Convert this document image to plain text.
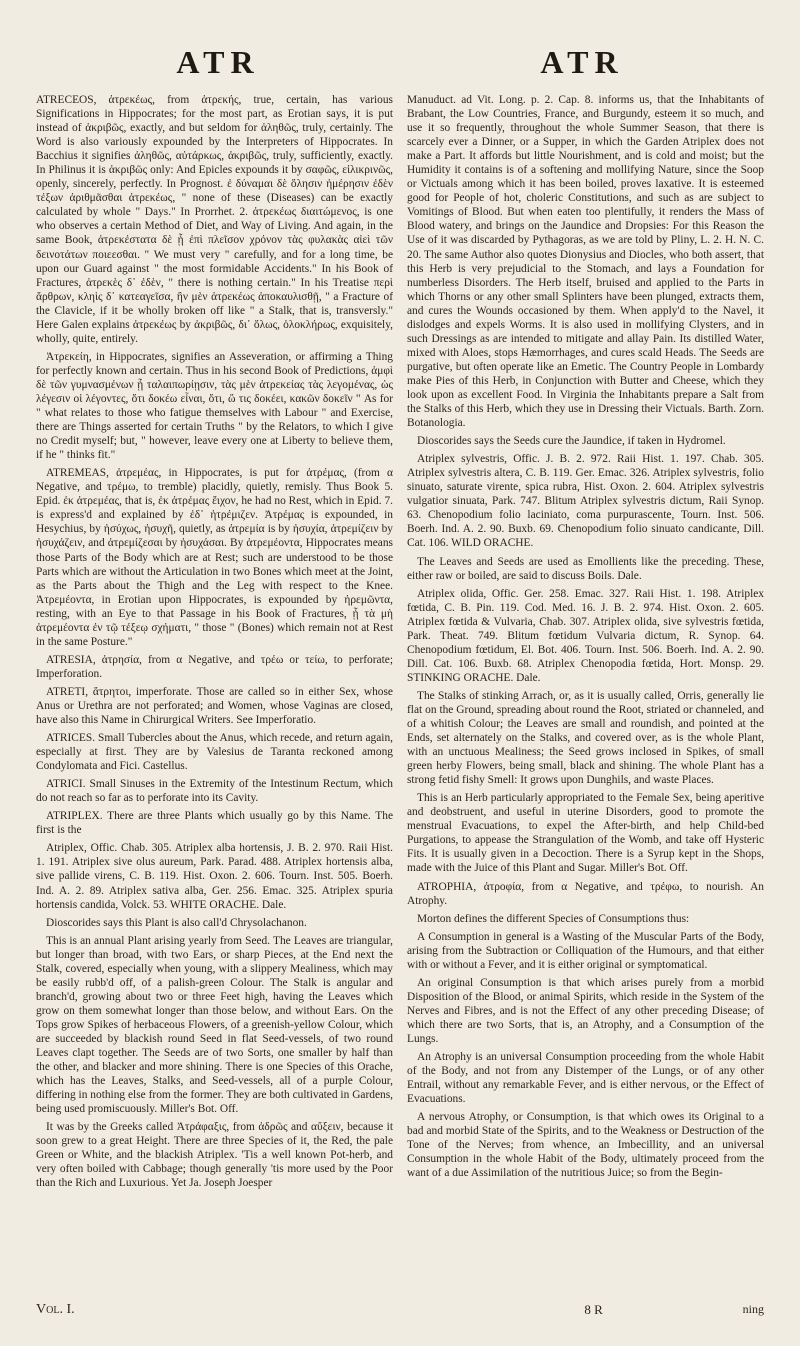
ATR	ATR

ATRECEOS, ἀτρεκέως, from ἀτρεκής, true, certain, has various Significations in Hippocrates; for the most part, as Erotian says, it is put instead of ἀκριβῶς, exactly, and but seldom for ἀληθῶς, truly, certainly. The Word is also variously expounded by the Interpreters of Hippocrates. In Bacchius it signifies ἀληθῶς, αὐτάρκως, ἀκριβῶς, truly, sufficiently, exactly. In Philinus it is ἀκριβῶς only: And Epicles expounds it by σαφῶς, εἰλικρινῶς, openly, sincerely, perfectly. In Prognost. ἐ δύναμαι δὲ ὅλησιν ἡμέρησιν ἐδὲν τέξων ἀριθμᾶσθαι ἀτρεκέως, " none of these (Diseases) can be exactly calculated by whole " Days." In Prorrhet. 2. ἀτρεκέως διαιτώμενος, is one who observes a certain Method of Diet, and Way of Living. And again, in the same Book, ἀτρεκέστατα δὲ ᾗ ἐπὶ πλεῖσον χρόνον τὰς φυλακὰς αἰεὶ τῶν δεινοτάτων ποιεεσθαι. " We must very " carefully, and for a long time, be upon our Guard against " the most formidable Accidents." In his Book of Fractures, ἀτρεκὲς δ᾽ ἐδὲν, " there is nothing certain." In his Treatise περὶ ἄρθρων, κληὶς δ᾽ κατεαγεῖσα, ἢν μὲν ἀτρεκέως ἀποκαυλισθῇ, " a Fracture of the Clavicle, if it be wholly broken off like " a Stalk, that is, transversly." Here Galen explains ἀτρεκέως by ἀκριβῶς, δι᾽ ὅλως, ὁλοκλήρως, exquisitely, wholly, quite, entirely.

Ἀτρεκείη, in Hippocrates, signifies an Asseveration, or affirming a Thing for perfectly known and certain. Thus in his second Book of Predictions, ἀμφὶ δὲ τῶν γυμνασμένων ᾗ ταλαιπωρίῃσιν, τὰς μὲν ἀτρεκείας τὰς λεγομένας, ὡς λέγεσιν οἱ λέγοντες, ὅτι δοκέω εἶναι, ὅτι, ὥ τις δοκέει, κακῶν δοκεῖν " As for " what relates to those who fatigue themselves with Labour " and Exercise, there are Things asserted for certain Truths " by the Relators, to which I give no Credit myself; but, " however, leave every one at Liberty to believe them, if he " thinks fit."

ATREMEAS, ἀτρεμέας, in Hippocrates, is put for ἀτρέμας, (from α Negative, and τρέμω, to tremble) placidly, quietly, remisly. Thus Book 5. Epid. ἐκ ἀτρεμέας, that is, ἐκ ἀτρέμας ἔιχον, he had no Rest, which in Epid. 7. is express'd and explained by ἐδ᾽ ἠτρέμιζεν. Ἀτρέμας is expounded, in Hesychius, by ἡσύχως, ἠσυχῆ, quietly, as ἀτρεμία is by ἡσυχία, ἀτρεμίζειν by ἡσυχάζειν, and ἀτρεμίζεσαι by ἡσυχάσαι. By ἀτρεμέοντα, Hippocrates means those Parts of the Body which are at Rest; such are understood to be those Parts which are without the Articulation in two Bones which meet at the Joint, as the Parts about the Thigh and the Leg with respect to the Knee. Ἀτρεμέοντα, in Erotian upon Hippocrates, is expounded by ἠρεμῶντα, resting, with an Eye to that Passage in his Book of Fractures, ᾗ τὰ μὴ ἀτρεμέοντα ἐν τῷ τέξεῳ σχήματι, " those " (Bones) which remain not at Rest in the same Posture."

ATRESIA, ἀτρησία, from α Negative, and τρέω or τείω, to perforate; Imperforation.

ATRETI, ἄτρητοι, imperforate. Those are called so in either Sex, whose Anus or Urethra are not perforated; and Women, whose Vaginas are closed, have also this Name in Chirurgical Writers. See Imperforatio.

ATRICES. Small Tubercles about the Anus, which recede, and return again, especially at first. They are by Valesius de Taranta reckoned among Condylomata and Fici. Castellus.

ATRICI. Small Sinuses in the Extremity of the Intestinum Rectum, which do not reach so far as to perforate into its Cavity.

ATRIPLEX. There are three Plants which usually go by this Name. The first is the

Atriplex, Offic. Chab. 305. Atriplex alba hortensis, J. B. 2. 970. Raii Hist. 1. 191. Atriplex sive olus aureum, Park. Parad. 488. Atriplex hortensis alba, sive pallide virens, C. B. 119. Hist. Oxon. 2. 606. Tourn. Inst. 505. Boerh. Ind. A. 2. 89. Atriplex sativa alba, Ger. 256. Emac. 325. Atriplex spuria hortensis candida, Volck. 53. WHITE ORACHE. Dale.

Dioscorides says this Plant is also call'd Chrysolachanon.

This is an annual Plant arising yearly from Seed. The Leaves are triangular, but longer than broad, with two Ears, or sharp Pieces, at the End next the Stalk, covered, especially when young, with a slippery Mealiness, which may be easily rubb'd off, of a palish-green Colour. The Stalk is angular and branch'd, growing about two or three Feet high, having the Leaves which grow on them somewhat longer than those below, and without Ears. On the Tops grow Spikes of herbaceous Flowers, of a greenish-yellow Colour, which are succeeded by blackish round Seed in flat Seed-vessels, of two round Leaves clapt together. The Seeds are of two Sorts, one smaller by half than the other, and blacker and more shining. There is one Species of this Orache, which has the Leaves, Stalks, and Seed-vessels, all of a purple Colour, differing in nothing else from the former. They are both cultivated in Gardens, being used promiscuously. Miller's Bot. Off.

It was by the Greeks called Ἀτράφαξις, from ἀδρῶς and αὔξειν, because it soon grew to a great Height. There are three Species of it, the Red, the pale Green or White, and the blackish Atriplex. 'Tis a well known Pot-herb, and very often boiled with Cabbage; though generally 'tis more used by the Poor than the Rich and Luxurious. Yet Ja. Joseph Joesper

Manuduct. ad Vit. Long. p. 2. Cap. 8. informs us, that the Inhabitants of Brabant, the Low Countries, France, and Burgundy, esteem it so much, and use it so frequently, throughout the whole Summer Season, that there is scarcely ever a Dinner, or a Supper, in which the Garden Atriplex does not make a Part. It affords but little Nourishment, and is cold and moist; but the Humidity it contains is of a softening and mollifying Nature, since the Soop or Victuals among which it has been boiled, proves laxative. It is esteemed good for People of hot, choleric Constitutions, and such as are subject to Vomitings of Blood. But when eaten too plentifully, it renders the Mass of Blood watery, and brings on the Jaundice and Dropsies: For this Reason the Use of it was discarded by Pythagoras, as we are told by Pliny, L. 2. H. N. C. 20. The same Author also quotes Dionysius and Diocles, who both assert, that this Herb is very prejudicial to the Stomach, and lays a Foundation for numberless Disorders. The Herb itself, bruised and applied to the Parts in which Thorns or any other small Splinters have been plunged, extracts them, and cures the Wounds occasioned by them. When apply'd to the Navel, it dislodges and expels Worms. It is also used in mollifying Clysters, and in such Dressings as are intended to mitigate and allay Pain. Its distilled Water, mixed with Aloes, stops Hæmorrhages, and cures scald Heads. The Seeds are purgative, but often operate like an Emetic. The Country People in Lombardy make Pies of this Herb, in Conjunction with Butter and Cheese, which they look upon as excellent Food. In Virginia the Inhabitants prepare a Salt from the Stalks of this Herb, which they use in Dressing their Victuals. Barth. Zorn. Botanologia.

Dioscorides says the Seeds cure the Jaundice, if taken in Hydromel.

Atriplex sylvestris, Offic. J. B. 2. 972. Raii Hist. 1. 197. Chab. 305. Atriplex sylvestris altera, C. B. 119. Ger. Emac. 326. Atriplex sylvestris, folio sinuato, saturate virente, spica rubra, Hist. Oxon. 2. 604. Atriplex sylvestris vulgatior sinuata, Park. 747. Blitum Atriplex sylvestris dictum, Raii Synop. 63. Chenopodium folio laciniato, coma purpurascente, Tourn. Inst. 506. Boerh. Ind. A. 2. 90. Buxb. 69. Chenopodium folio sinuato candicante, Dill. Cat. 106. WILD ORACHE.

The Leaves and Seeds are used as Emollients like the preceding. These, either raw or boiled, are said to discuss Boils. Dale.

Atriplex olida, Offic. Ger. 258. Emac. 327. Raii Hist. 1. 198. Atriplex fœtida, C. B. Pin. 119. Cod. Med. 16. J. B. 2. 974. Hist. Oxon. 2. 605. Atriplex fœtida & Vulvaria, Chab. 307. Atriplex olida, sive sylvestris fœtida, Park. Theat. 749. Blitum fœtidum Vulvaria dictum, R. Synop. 64. Chenopodium fœtidum, El. Bot. 406. Tourn. Inst. 506. Boerh. Ind. A. 2. 90. Dill. Cat. 106. Buxb. 68. Atriplex Chenopodia fœtida, Hort. Monsp. 29. STINKING ORACHE. Dale.

The Stalks of stinking Arrach, or, as it is usually called, Orris, generally lie flat on the Ground, spreading about round the Root, striated or channeled, and of a whitish Colour; the Leaves are small and roundish, and pointed at the Ends, set alternately on the Stalks, and covered over, as is the whole Plant, with an unctuous Mealiness; the Seed grows inclosed in Spikes, of small green herby Flowers, being small, black and shining. The whole Plant has a strong fetid fishy Smell: It grows upon Dunghils, and waste Places.

This is an Herb particularly appropriated to the Female Sex, being aperitive and deobstruent, and useful in uterine Disorders, good to promote the menstrual Evacuations, to expel the After-birth, and help Child-bed Purgations, to appease the Strangulation of the Womb, and take off Hysteric Fits. It is usually given in a Decoction. There is a Syrup kept in the Shops, made with the Juice of this Plant and Sugar. Miller's Bot. Off.

ATROPHIA, ἀτροφία, from α Negative, and τρέφω, to nourish. An Atrophy.

Morton defines the different Species of Consumptions thus:

A Consumption in general is a Wasting of the Muscular Parts of the Body, arising from the Subtraction or Colliquation of the Humours, and that either with or without a Fever, and it is either original or symptomatical.

An original Consumption is that which arises purely from a morbid Disposition of the Blood, or animal Spirits, which reside in the System of the Nerves and Fibres, and is not the Effect of any other preceding Disease; of which there are two Sorts, that is, an Atrophy, and a Consumption of the Lungs.

An Atrophy is an universal Consumption proceeding from the whole Habit of the Body, and not from any Distemper of the Lungs, or of any other Entrail, without any remarkable Fever, and is either nervous, or the Effect of Evacuations.

A nervous Atrophy, or Consumption, is that which owes its Original to a bad and morbid State of the Spirits, and to the Weakness or Destruction of the Tone of the Nerves; from whence, an Imbecillity, and an universal Consumption in the whole Habit of the Body, ultimately proceed from the want of a due Assimilation of the nutritious Juice; so from the Begin-

Vol. I.	8 R	ning
